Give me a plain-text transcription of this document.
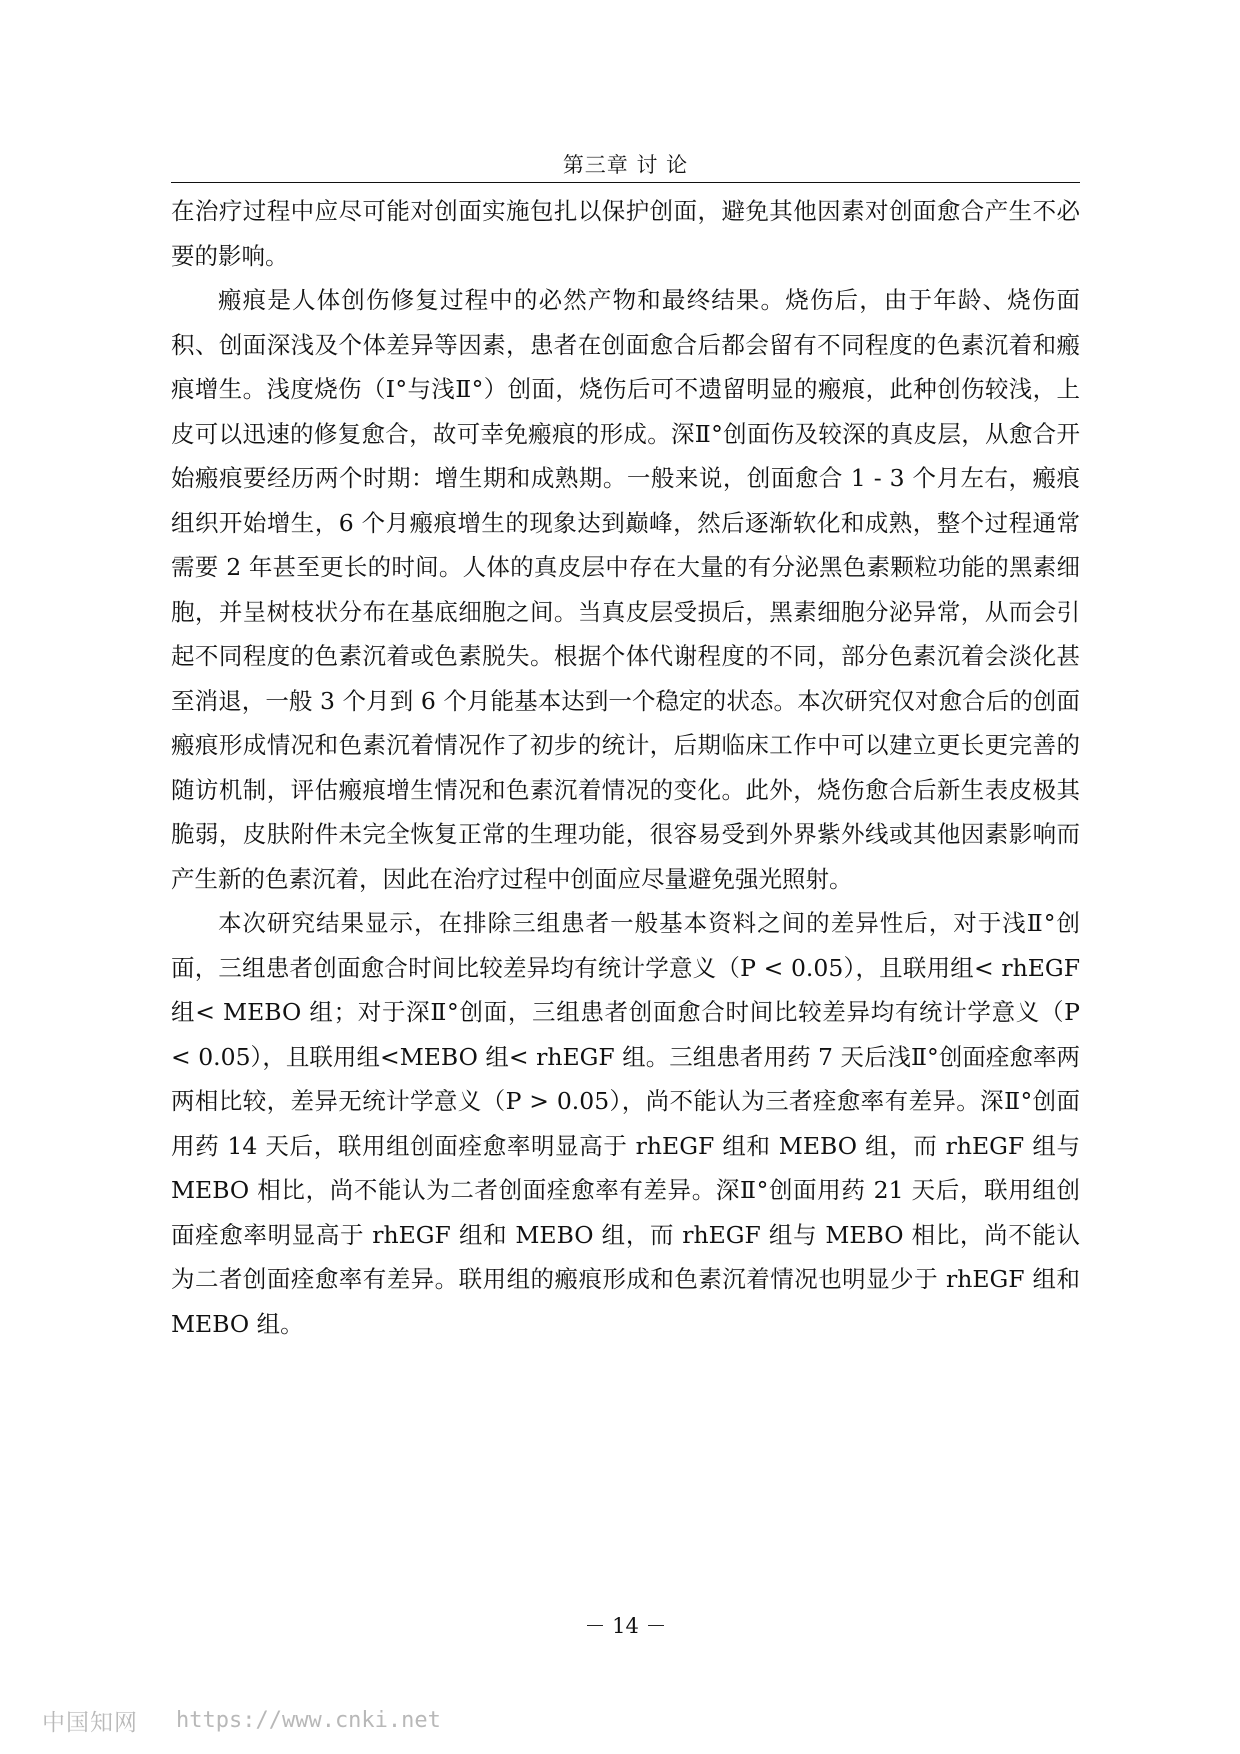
第三章 讨 论

在治疗过程中应尽可能对创面实施包扎以保护创面，避免其他因素对创面愈合产生不必要的影响。

瘢痕是人体创伤修复过程中的必然产物和最终结果。烧伤后，由于年龄、烧伤面积、创面深浅及个体差异等因素，患者在创面愈合后都会留有不同程度的色素沉着和瘢痕增生。浅度烧伤（Ⅰ°与浅Ⅱ°）创面，烧伤后可不遗留明显的瘢痕，此种创伤较浅，上皮可以迅速的修复愈合，故可幸免瘢痕的形成。深Ⅱ°创面伤及较深的真皮层，从愈合开始瘢痕要经历两个时期：增生期和成熟期。一般来说，创面愈合 1 - 3 个月左右，瘢痕组织开始增生，6 个月瘢痕增生的现象达到巅峰，然后逐渐软化和成熟，整个过程通常需要 2 年甚至更长的时间。人体的真皮层中存在大量的有分泌黑色素颗粒功能的黑素细胞，并呈树枝状分布在基底细胞之间。当真皮层受损后，黑素细胞分泌异常，从而会引起不同程度的色素沉着或色素脱失。根据个体代谢程度的不同，部分色素沉着会淡化甚至消退，一般 3 个月到 6 个月能基本达到一个稳定的状态。本次研究仅对愈合后的创面瘢痕形成情况和色素沉着情况作了初步的统计，后期临床工作中可以建立更长更完善的随访机制，评估瘢痕增生情况和色素沉着情况的变化。此外，烧伤愈合后新生表皮极其脆弱，皮肤附件未完全恢复正常的生理功能，很容易受到外界紫外线或其他因素影响而产生新的色素沉着，因此在治疗过程中创面应尽量避免强光照射。

本次研究结果显示，在排除三组患者一般基本资料之间的差异性后，对于浅Ⅱ°创面，三组患者创面愈合时间比较差异均有统计学意义（P < 0.05），且联用组< rhEGF 组< MEBO 组；对于深Ⅱ°创面，三组患者创面愈合时间比较差异均有统计学意义（P < 0.05），且联用组<MEBO 组< rhEGF 组。三组患者用药 7 天后浅Ⅱ°创面痊愈率两两相比较，差异无统计学意义（P > 0.05），尚不能认为三者痊愈率有差异。深Ⅱ°创面用药 14 天后，联用组创面痊愈率明显高于 rhEGF 组和 MEBO 组，而 rhEGF 组与 MEBO 相比，尚不能认为二者创面痊愈率有差异。深Ⅱ°创面用药 21 天后，联用组创面痊愈率明显高于 rhEGF 组和 MEBO 组，而 rhEGF 组与 MEBO 相比，尚不能认为二者创面痊愈率有差异。联用组的瘢痕形成和色素沉着情况也明显少于 rhEGF 组和 MEBO 组。

－ 14 －
中国知网 https://www.cnki.net
